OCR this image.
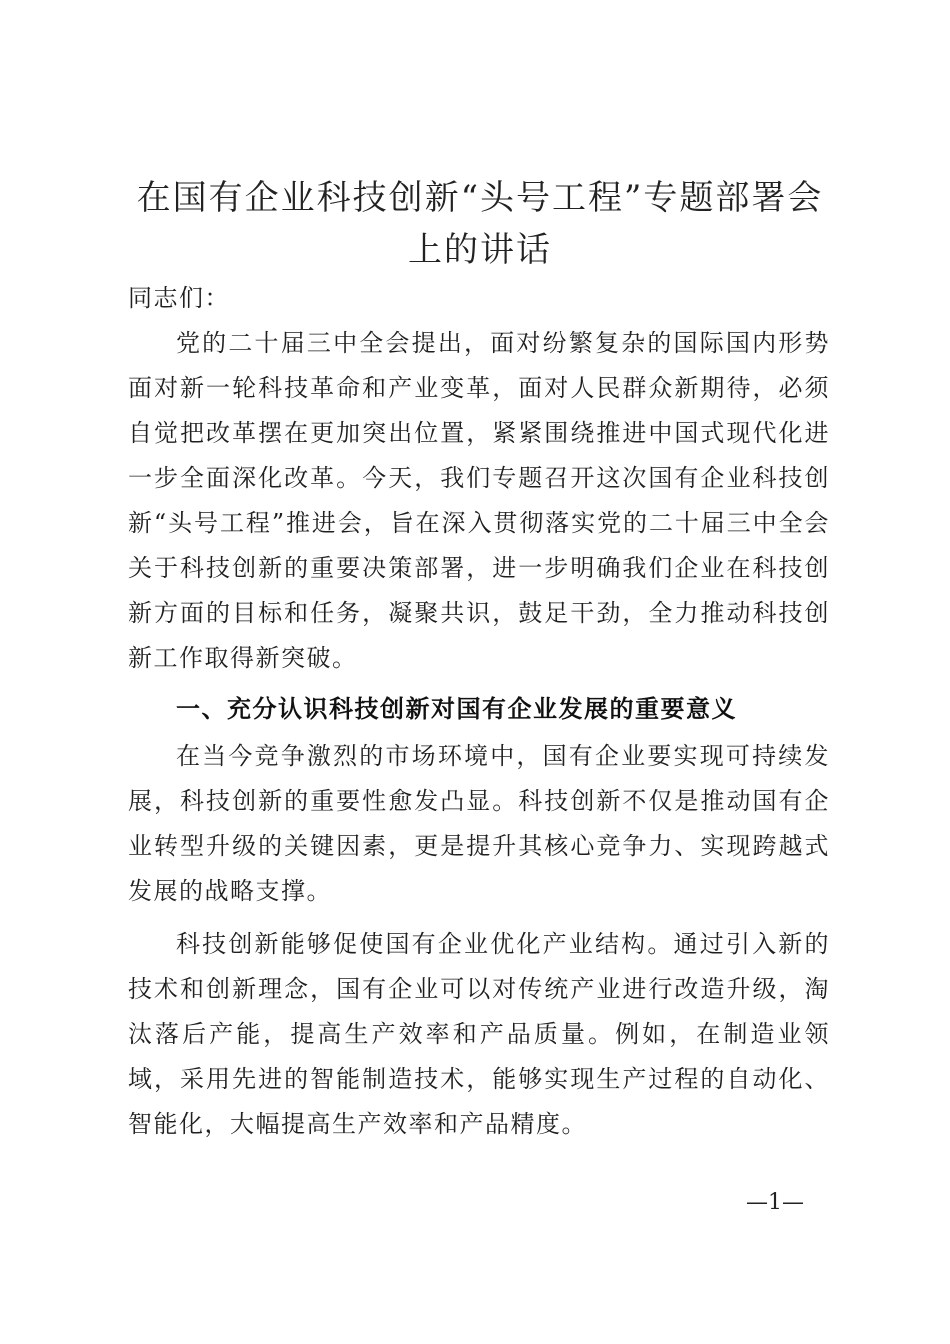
在国有企业科技创新“头号工程”专题部署会上的讲话

同志们：

党的二十届三中全会提出，面对纷繁复杂的国际国内形势面对新一轮科技革命和产业变革，面对人民群众新期待，必须自觉把改革摆在更加突出位置，紧紧围绕推进中国式现代化进一步全面深化改革。今天，我们专题召开这次国有企业科技创新“头号工程”推进会，旨在深入贯彻落实党的二十届三中全会关于科技创新的重要决策部署，进一步明确我们企业在科技创新方面的目标和任务，凝聚共识，鼓足干劲，全力推动科技创新工作取得新突破。

一、充分认识科技创新对国有企业发展的重要意义

在当今竞争激烈的市场环境中，国有企业要实现可持续发展，科技创新的重要性愈发凸显。科技创新不仅是推动国有企业转型升级的关键因素，更是提升其核心竞争力、实现跨越式发展的战略支撑。

科技创新能够促使国有企业优化产业结构。通过引入新的技术和创新理念，国有企业可以对传统产业进行改造升级，淘汰落后产能，提高生产效率和产品质量。例如，在制造业领域，采用先进的智能制造技术，能够实现生产过程的自动化、智能化，大幅提高生产效率和产品精度。

—1—
